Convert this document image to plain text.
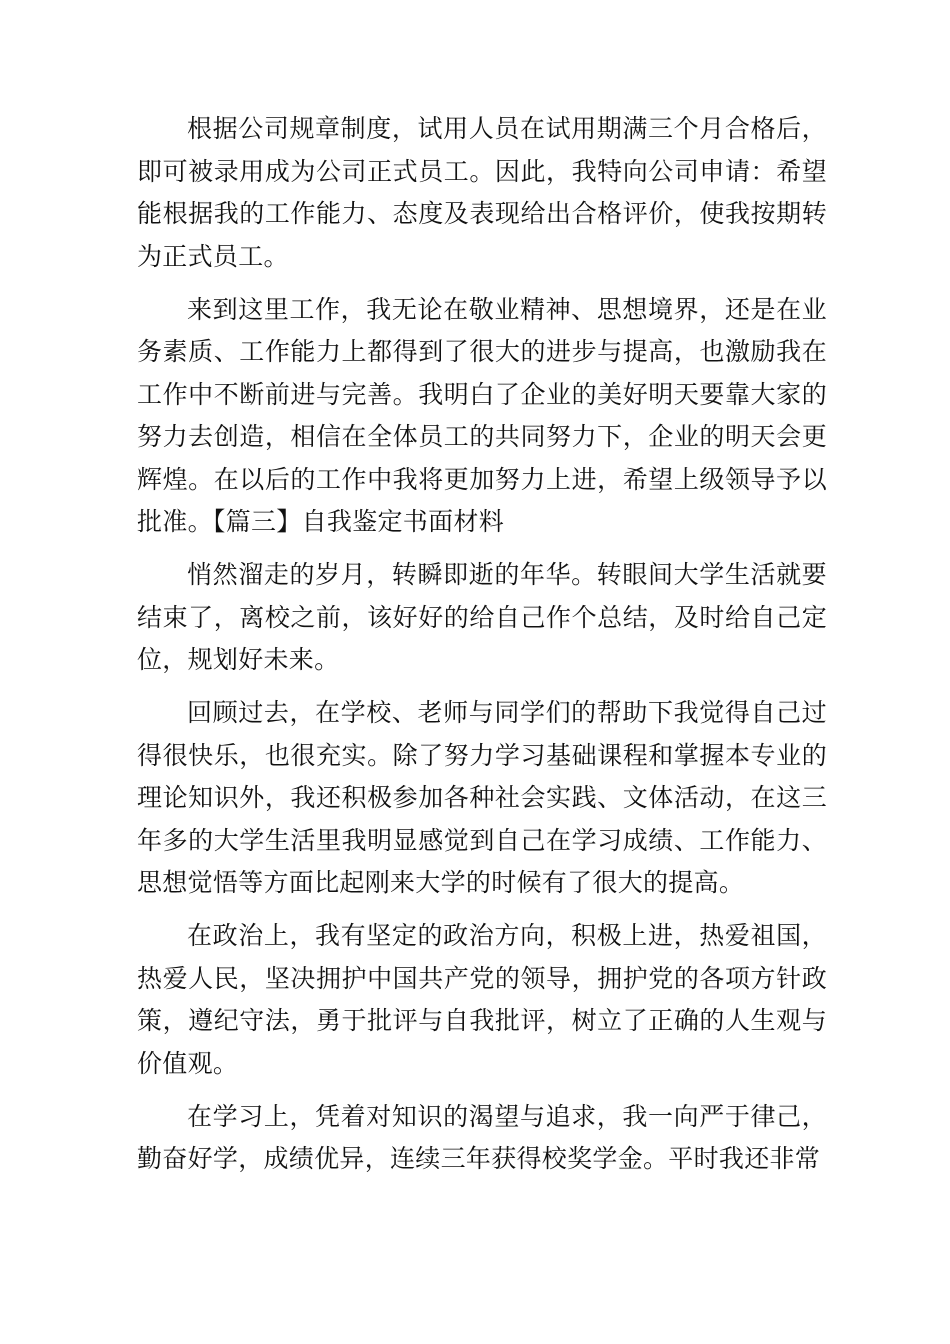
根据公司规章制度，试用人员在试用期满三个月合格后，即可被录用成为公司正式员工。因此，我特向公司申请：希望能根据我的工作能力、态度及表现给出合格评价，使我按期转为正式员工。

来到这里工作，我无论在敬业精神、思想境界，还是在业务素质、工作能力上都得到了很大的进步与提高，也激励我在工作中不断前进与完善。我明白了企业的美好明天要靠大家的努力去创造，相信在全体员工的共同努力下，企业的明天会更辉煌。在以后的工作中我将更加努力上进，希望上级领导予以批准。【篇三】自我鉴定书面材料

悄然溜走的岁月，转瞬即逝的年华。转眼间大学生活就要结束了，离校之前，该好好的给自己作个总结，及时给自己定位，规划好未来。

回顾过去，在学校、老师与同学们的帮助下我觉得自己过得很快乐，也很充实。除了努力学习基础课程和掌握本专业的理论知识外，我还积极参加各种社会实践、文体活动，在这三年多的大学生活里我明显感觉到自己在学习成绩、工作能力、思想觉悟等方面比起刚来大学的时候有了很大的提高。

在政治上，我有坚定的政治方向，积极上进，热爱祖国，热爱人民，坚决拥护中国共产党的领导，拥护党的各项方针政策，遵纪守法，勇于批评与自我批评，树立了正确的人生观与价值观。

在学习上，凭着对知识的渴望与追求，我一向严于律己，勤奋好学，成绩优异，连续三年获得校奖学金。平时我还非常
